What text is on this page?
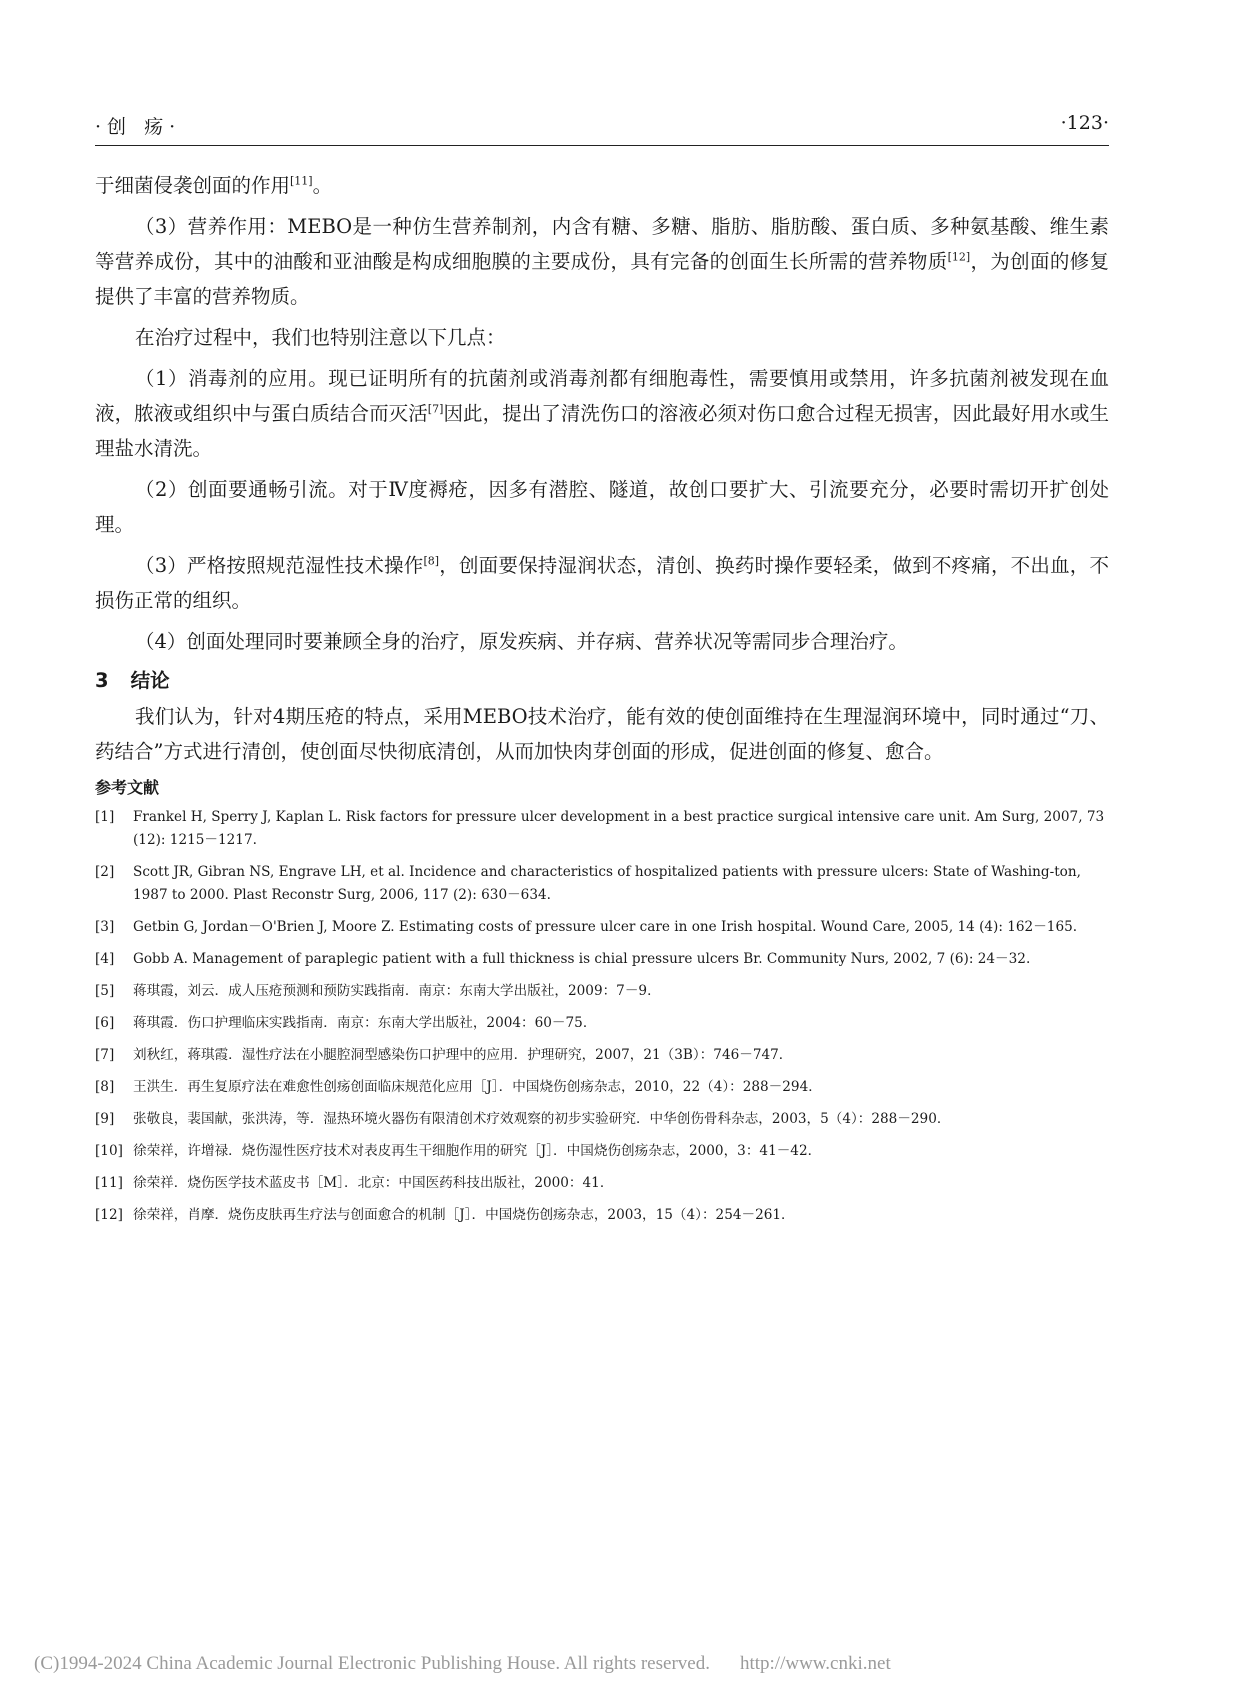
·创 疡·	·123·

于细菌侵袭创面的作用[11]。

（3）营养作用：MEBO是一种仿生营养制剂，内含有糖、多糖、脂肪、脂肪酸、蛋白质、多种氨基酸、维生素等营养成份，其中的油酸和亚油酸是构成细胞膜的主要成份，具有完备的创面生长所需的营养物质[12]，为创面的修复提供了丰富的营养物质。

在治疗过程中，我们也特别注意以下几点：

（1）消毒剂的应用。现已证明所有的抗菌剂或消毒剂都有细胞毒性，需要慎用或禁用，许多抗菌剂被发现在血液，脓液或组织中与蛋白质结合而灭活[7]因此，提出了清洗伤口的溶液必须对伤口愈合过程无损害，因此最好用水或生理盐水清洗。

（2）创面要通畅引流。对于Ⅳ度褥疮，因多有潜腔、隧道，故创口要扩大、引流要充分，必要时需切开扩创处理。

（3）严格按照规范湿性技术操作[8]，创面要保持湿润状态，清创、换药时操作要轻柔，做到不疼痛，不出血，不损伤正常的组织。

（4）创面处理同时要兼顾全身的治疗，原发疾病、并存病、营养状况等需同步合理治疗。

3 结论

我们认为，针对4期压疮的特点，采用MEBO技术治疗，能有效的使创面维持在生理湿润环境中，同时通过“刀、药结合”方式进行清创，使创面尽快彻底清创，从而加快肉芽创面的形成，促进创面的修复、愈合。

参考文献

[1] Frankel H, Sperry J, Kaplan L. Risk factors for pressure ulcer development in a best practice surgical intensive care unit. Am Surg, 2007, 73 (12): 1215－1217.

[2] Scott JR, Gibran NS, Engrave LH, et al. Incidence and characteristics of hospitalized patients with pressure ulcers: State of Washing-ton, 1987 to 2000. Plast Reconstr Surg, 2006, 117 (2): 630－634.

[3] Getbin G, Jordan－O'Brien J, Moore Z. Estimating costs of pressure ulcer care in one Irish hospital. Wound Care, 2005, 14 (4): 162－165.

[4] Gobb A. Management of paraplegic patient with a full thickness is chial pressure ulcers Br. Community Nurs, 2002, 7 (6): 24－32.

[5] 蒋琪霞，刘云．成人压疮预测和预防实践指南．南京：东南大学出版社，2009：7－9．

[6] 蒋琪霞．伤口护理临床实践指南．南京：东南大学出版社，2004：60－75．

[7] 刘秋红，蒋琪霞．湿性疗法在小腿腔洞型感染伤口护理中的应用．护理研究，2007，21（3B）：746－747．

[8] 王洪生．再生复原疗法在难愈性创疡创面临床规范化应用［J］．中国烧伤创疡杂志，2010，22（4）：288－294．

[9] 张敬良，裴国献，张洪涛，等．湿热环境火器伤有限清创术疗效观察的初步实验研究．中华创伤骨科杂志，2003，5（4）：288－290．

[10] 徐荣祥，许增禄．烧伤湿性医疗技术对表皮再生干细胞作用的研究［J］．中国烧伤创疡杂志，2000，3：41－42．

[11] 徐荣祥．烧伤医学技术蓝皮书［M］．北京：中国医药科技出版社，2000：41．

[12] 徐荣祥，肖摩．烧伤皮肤再生疗法与创面愈合的机制［J］．中国烧伤创疡杂志，2003，15（4）：254－261．

(C)1994-2024 China Academic Journal Electronic Publishing House. All rights reserved. http://www.cnki.net
